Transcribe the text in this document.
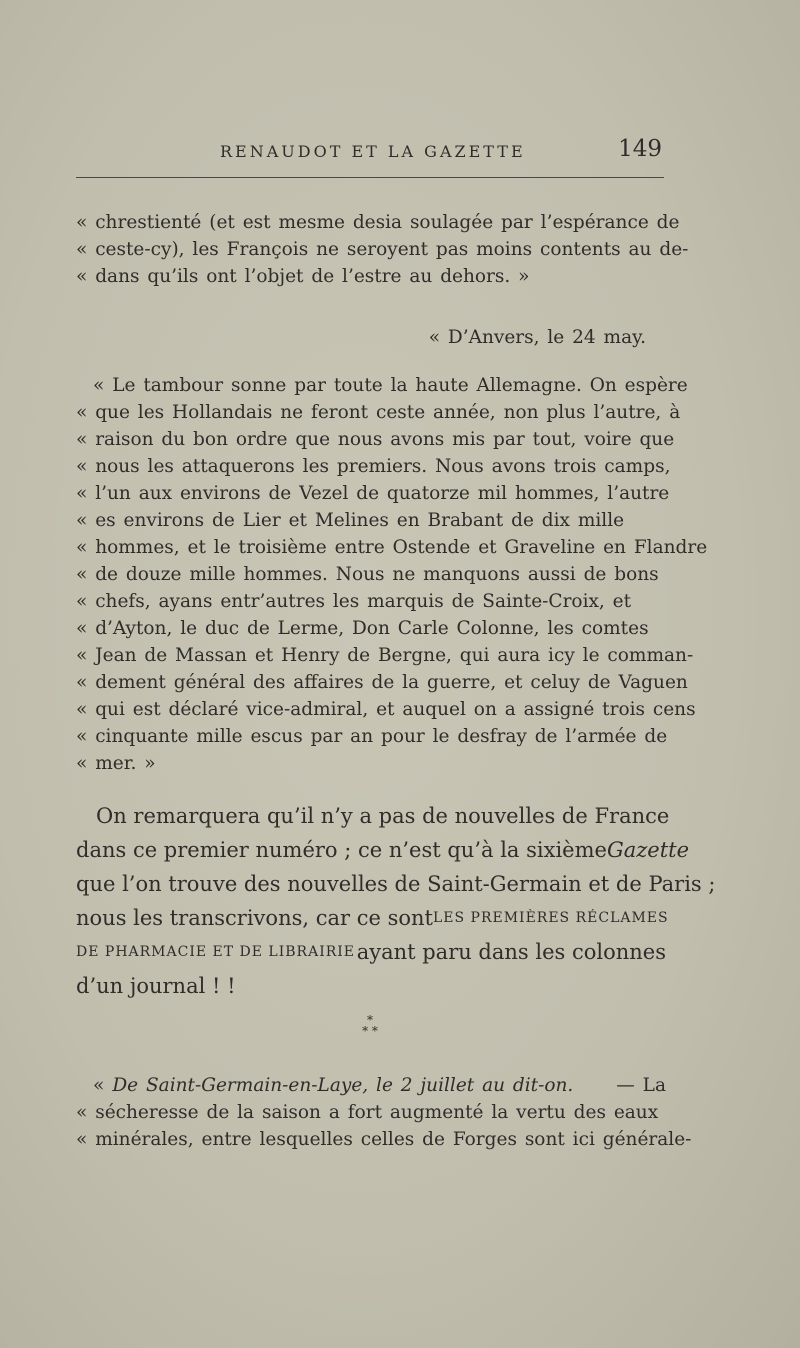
RENAUDOT ET LA GAZETTE	149
« chrestienté (et est mesme desia soulagée par l’espérance de
« ceste-cy), les François ne seroyent pas moins contents au de-
« dans qu’ils ont l’objet de l’estre au dehors. »
« D’Anvers, le 24 may.
« Le tambour sonne par toute la haute Allemagne. On espère
« que les Hollandais ne feront ceste année, non plus l’autre, à
« raison du bon ordre que nous avons mis par tout, voire que
« nous les attaquerons les premiers. Nous avons trois camps,
« l’un aux environs de Vezel de quatorze mil hommes, l’autre
« es environs de Lier et Melines en Brabant de dix mille
« hommes, et le troisième entre Ostende et Graveline en Flandre
« de douze mille hommes. Nous ne manquons aussi de bons
« chefs, ayans entr’autres les marquis de Sainte-Croix, et
« d’Ayton, le duc de Lerme, Don Carle Colonne, les comtes
« Jean de Massan et Henry de Bergne, qui aura icy le comman-
« dement général des affaires de la guerre, et celuy de Vaguen
« qui est déclaré vice-admiral, et auquel on a assigné trois cens
« cinquante mille escus par an pour le desfray de l’armée de
« mer. »
On remarquera qu’il n’y a pas de nouvelles de France
dans ce premier numéro ; ce n’est qu’à la sixième Gazette
que l’on trouve des nouvelles de Saint-Germain et de Paris ;
nous les transcrivons, car ce sont LES PREMIÈRES RÉCLAMES
DE PHARMACIE ET DE LIBRAIRIE ayant paru dans les colonnes
d’un journal ! !
*
* *
« De Saint-Germain-en-Laye, le 2 juillet au dit-on. — La
« sécheresse de la saison a fort augmenté la vertu des eaux
« minérales, entre lesquelles celles de Forges sont ici générale-
